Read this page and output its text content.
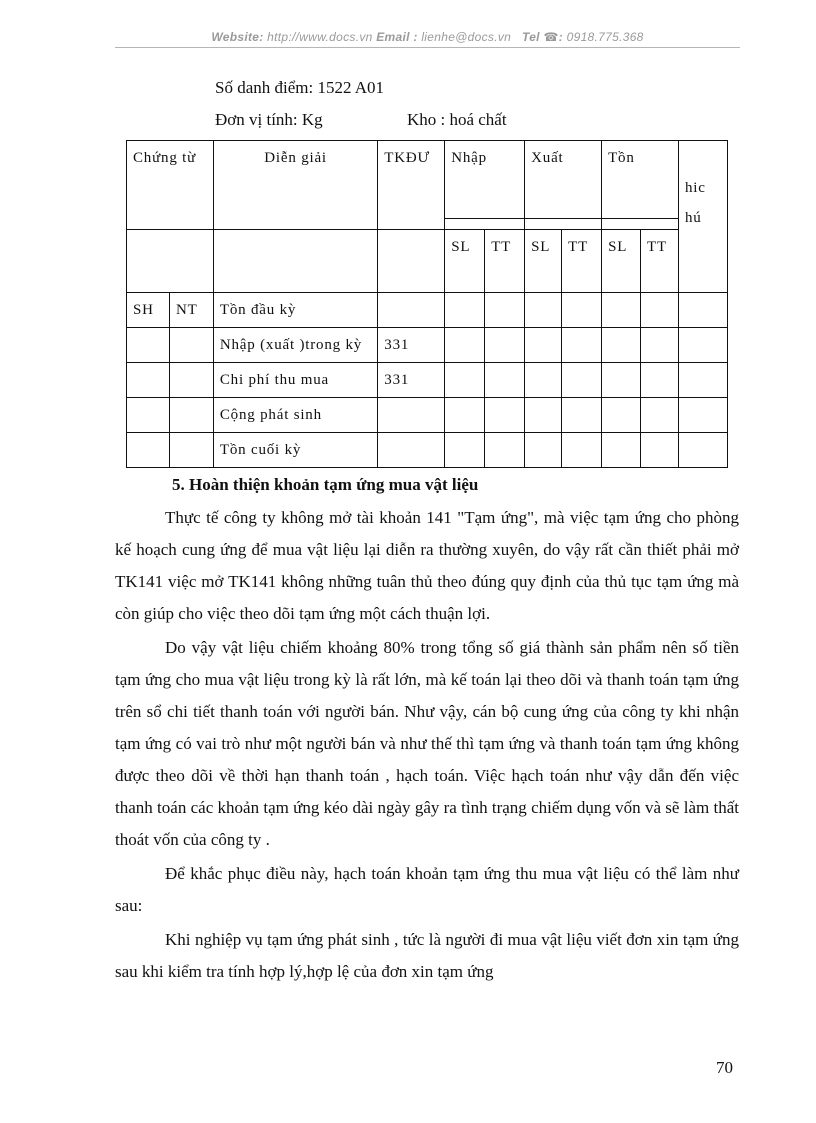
Website: http://www.docs.vn Email : lienhe@docs.vn Tel ☎: 0918.775.368
Số danh điểm: 1522 A01
Đơn vị tính: Kg	Kho : hoá chất
Chứng từ		Diễn giải	TKĐƯ	Nhập		Xuất		Tồn		hic hú

				SL	TT	SL	TT	SL	TT	
SH	NT	Tồn đầu kỳ								
		Nhập (xuất )trong kỳ	331							
		Chi phí thu mua	331							
		Cộng phát sinh								
		Tồn cuối kỳ								
5. Hoàn thiện khoản tạm ứng mua vật liệu

Thực tế công ty không mở tài khoản 141 "Tạm ứng", mà việc tạm ứng cho phòng kế hoạch cung ứng để mua vật liệu lại diễn ra thường xuyên, do vậy rất cần thiết phải mở TK141 việc mở TK141 không những tuân thủ theo đúng quy định của thủ tục tạm ứng mà còn giúp cho việc theo dõi tạm ứng một cách thuận lợi.

Do vậy vật liệu chiếm khoảng 80% trong tổng số giá thành sản phẩm nên số tiền tạm ứng cho mua vật liệu trong kỳ là rất lớn, mà kế toán lại theo dõi và thanh toán tạm ứng trên sổ chi tiết thanh toán với người bán. Như vậy, cán bộ cung ứng của công ty khi nhận tạm ứng có vai trò như một người bán và như thế thì tạm ứng và thanh toán tạm ứng không được theo dõi về thời hạn thanh toán , hạch toán. Việc hạch toán như vậy dẫn đến việc thanh toán các khoản tạm ứng kéo dài ngày gây ra tình trạng chiếm dụng vốn và sẽ làm thất thoát vốn của công ty .

Để khắc phục điều này, hạch toán khoản tạm ứng thu mua vật liệu có thể làm như sau:

Khi nghiệp vụ tạm ứng phát sinh , tức là người đi mua vật liệu viết đơn xin tạm ứng sau khi kiểm tra tính hợp lý,hợp lệ của đơn xin tạm ứng

70
